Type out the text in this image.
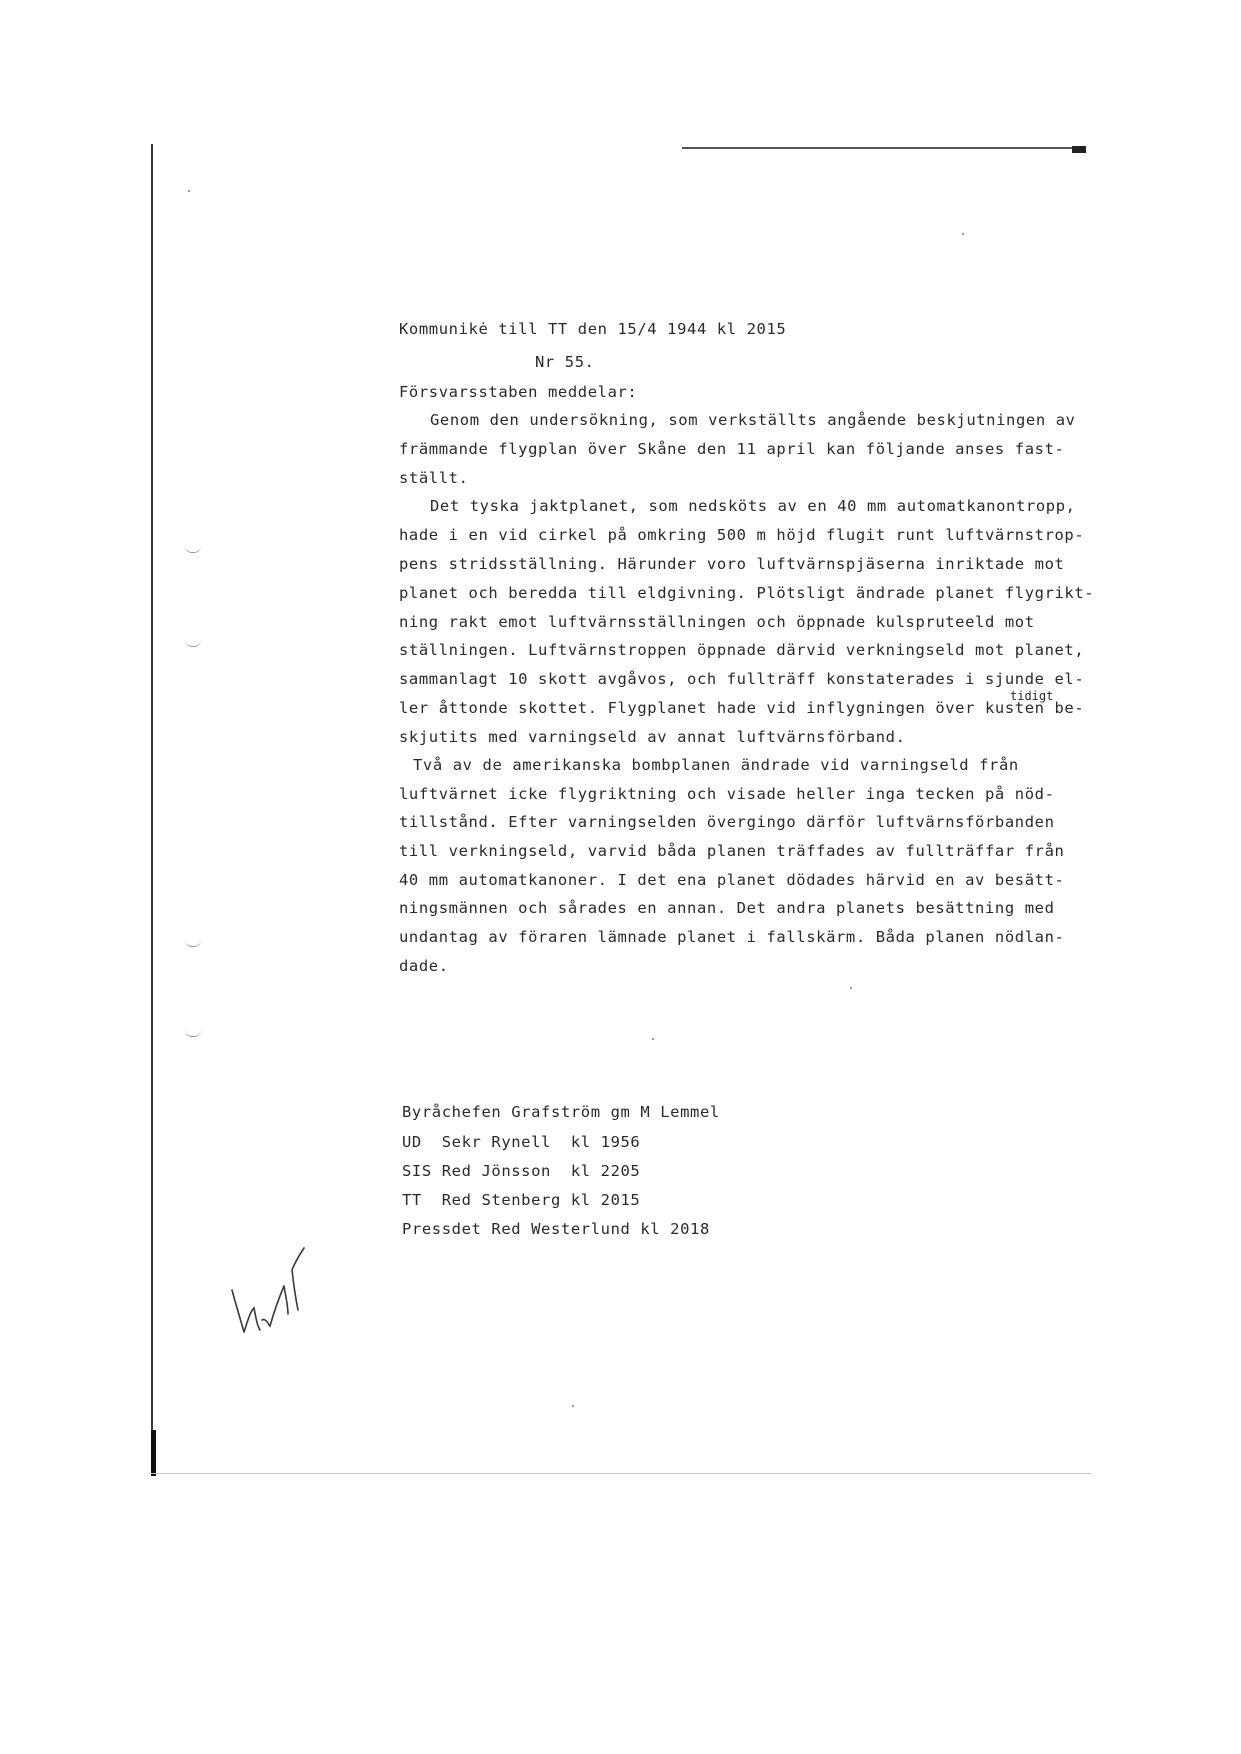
Kommunikė till TT den 15/4 1944 kl 2015
Nr 55.
Försvarsstaben meddelar:
Genom den undersökning, som verkställts angående beskjutningen av
främmande flygplan över Skåne den 11 april kan följande anses fast-
ställt.
Det tyska jaktplanet, som nedsköts av en 40 mm automatkanontropp,
hade i en vid cirkel på omkring 500 m höjd flugit runt luftvärnstrop-
pens stridsställning. Härunder voro luftvärnspjäserna inriktade mot
planet och beredda till eldgivning. Plötsligt ändrade planet flygrikt-
ning rakt emot luftvärnsställningen och öppnade kulspruteeld mot
ställningen. Luftvärnstroppen öppnade därvid verkningseld mot planet,
sammanlagt 10 skott avgåvos, och fullträff konstaterades i sjunde el-
tidigt
ler åttonde skottet. Flygplanet hade vid inflygningen över kusten be-
skjutits med varningseld av annat luftvärnsförband.
Två av de amerikanska bombplanen ändrade vid varningseld från
luftvärnet icke flygriktning och visade heller inga tecken på nöd-
tillstånd. Efter varningselden övergingo därför luftvärnsförbanden
till verkningseld, varvid båda planen träffades av fullträffar från
40 mm automatkanoner. I det ena planet dödades härvid en av besätt-
ningsmännen och sårades en annan. Det andra planets besättning med
undantag av föraren lämnade planet i fallskärm. Båda planen nödlan-
dade.
Byråchefen Grafström gm M Lemmel
UD  Sekr Rynell  kl 1956
SIS Red Jönsson  kl 2205
TT  Red Stenberg kl 2015
Pressdet Red Westerlund kl 2018
